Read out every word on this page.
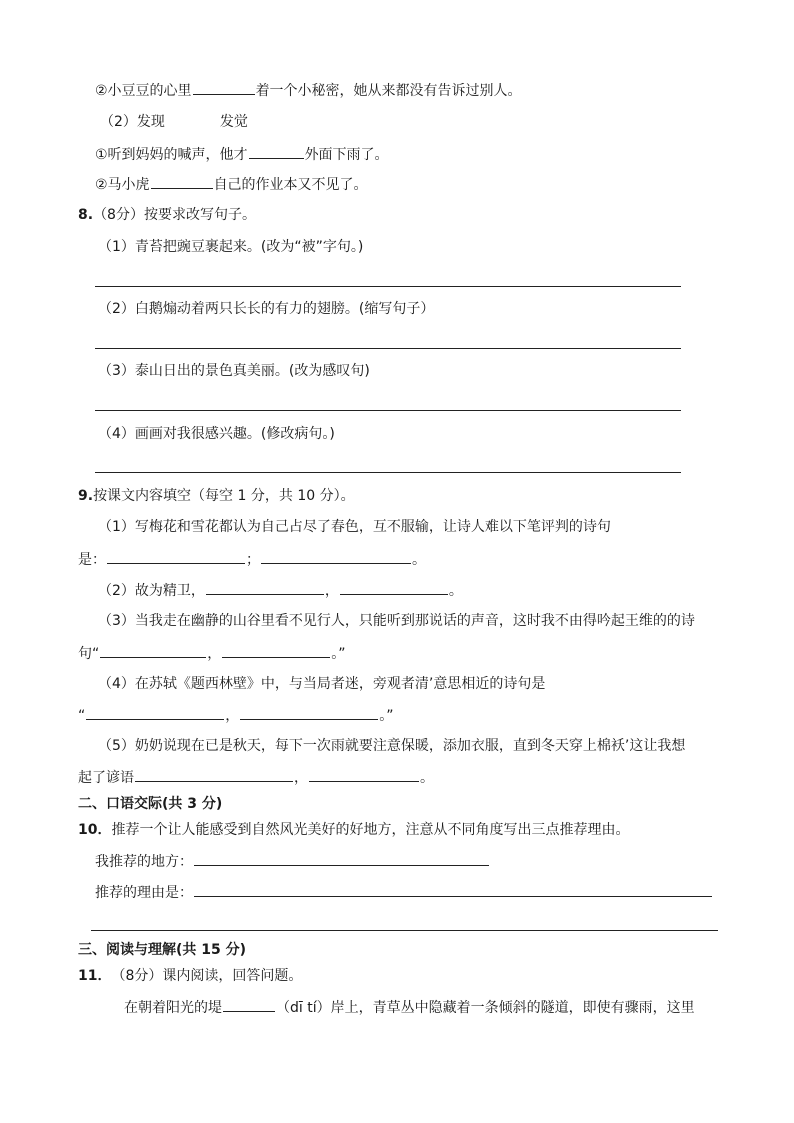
②小豆豆的心里	着一个小秘密，她从来都没有告诉过别人。
（2）发现	发觉
①听到妈妈的喊声，他才	外面下雨了。
②马小虎	自己的作业本又不见了。
8.（8分）按要求改写句子。
（1）青苔把豌豆裹起来。(改为“被”字句。)
（2）白鹅煽动着两只长长的有力的翅膀。(缩写句子）
（3）泰山日出的景色真美丽。(改为感叹句)
（4）画画对我很感兴趣。(修改病句。)
9.按课文内容填空（每空 1 分，共 10 分）。
（1）写梅花和雪花都认为自己占尽了春色，互不服输，让诗人难以下笔评判的诗句
是：	；	。
（2）故为精卫，	，	。
（3）当我走在幽静的山谷里看不见行人，只能听到那说话的声音，这时我不由得吟起王维的的诗
句“	，	。”
（4）在苏轼《题西林壁》中，与当局者迷，旁观者清’意思相近的诗句是
“	，	。”
（5）奶奶说现在已是秋天，每下一次雨就要注意保暖，添加衣服，直到冬天穿上棉袄’这让我想
起了谚语	，	。
二、口语交际(共 3 分)
10．推荐一个让人能感受到自然风光美好的好地方，注意从不同角度写出三点推荐理由。
我推荐的地方：
推荐的理由是：
三、阅读与理解(共 15 分)
11．（8分）课内阅读，回答问题。
在朝着阳光的堤	（dī tí）岸上，青草丛中隐藏着一条倾斜的隧道，即使有骤雨，这里
